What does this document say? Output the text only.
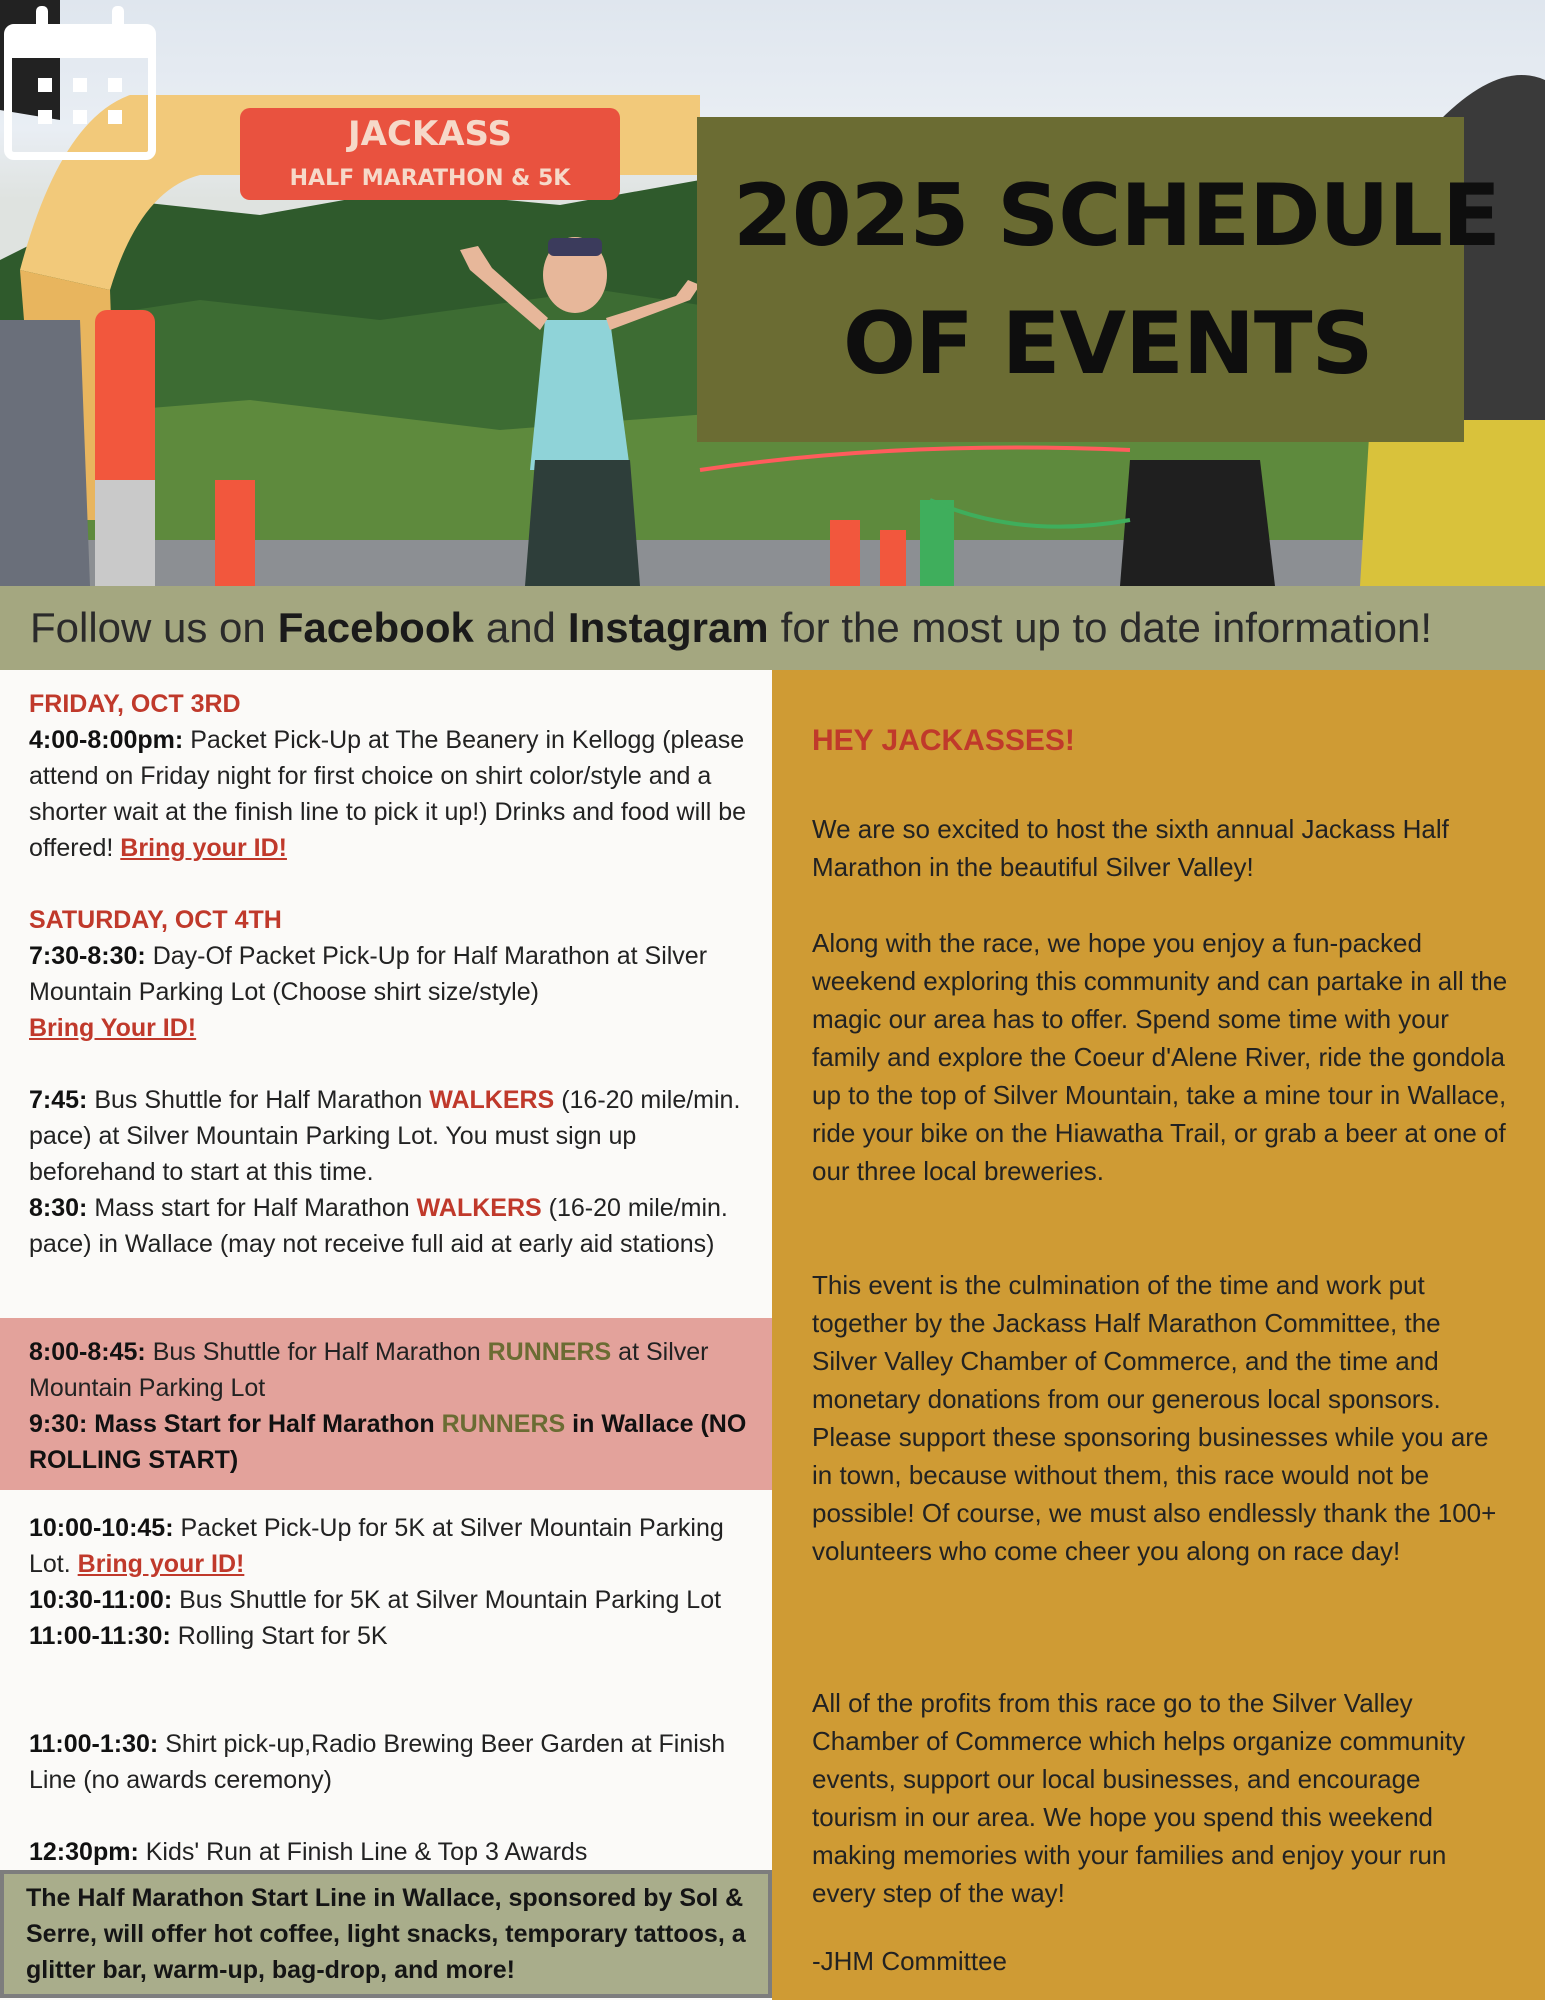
JACKASS
HALF MARATHON & 5K 2025 SCHEDULE
OF EVENTS
Follow us on Facebook and Instagram for the most up to date information!
FRIDAY, OCT 3RD
4:00-8:00pm: Packet Pick-Up at The Beanery in Kellogg (please attend on Friday night for first choice on shirt color/style and a shorter wait at the finish line to pick it up!) Drinks and food will be offered! Bring your ID!
SATURDAY, OCT 4TH
7:30-8:30: Day-Of Packet Pick-Up for Half Marathon at Silver Mountain Parking Lot (Choose shirt size/style)
Bring Your ID!
7:45: Bus Shuttle for Half Marathon WALKERS (16-20 mile/min. pace) at Silver Mountain Parking Lot. You must sign up beforehand to start at this time.
8:30: Mass start for Half Marathon WALKERS (16-20 mile/min. pace) in Wallace (may not receive full aid at early aid stations)
8:00-8:45: Bus Shuttle for Half Marathon RUNNERS at Silver Mountain Parking Lot
9:30: Mass Start for Half Marathon RUNNERS in Wallace (NO ROLLING START)
10:00-10:45: Packet Pick-Up for 5K at Silver Mountain Parking Lot. Bring your ID!
10:30-11:00: Bus Shuttle for 5K at Silver Mountain Parking Lot
11:00-11:30: Rolling Start for 5K
11:00-1:30: Shirt pick-up,Radio Brewing Beer Garden at Finish Line (no awards ceremony)
12:30pm: Kids' Run at Finish Line & Top 3 Awards
The Half Marathon Start Line in Wallace, sponsored by Sol & Serre, will offer hot coffee, light snacks, temporary tattoos, a glitter bar, warm-up, bag-drop, and more!
HEY JACKASSES!
We are so excited to host the sixth annual Jackass Half Marathon in the beautiful Silver Valley!
Along with the race, we hope you enjoy a fun-packed weekend exploring this community and can partake in all the magic our area has to offer. Spend some time with your family and explore the Coeur d'Alene River, ride the gondola up to the top of Silver Mountain, take a mine tour in Wallace, ride your bike on the Hiawatha Trail, or grab a beer at one of our three local breweries.
This event is the culmination of the time and work put together by the Jackass Half Marathon Committee, the Silver Valley Chamber of Commerce, and the time and monetary donations from our generous local sponsors. Please support these sponsoring businesses while you are in town, because without them, this race would not be possible! Of course, we must also endlessly thank the 100+ volunteers who come cheer you along on race day!
All of the profits from this race go to the Silver Valley Chamber of Commerce which helps organize community events, support our local businesses, and encourage tourism in our area. We hope you spend this weekend making memories with your families and enjoy your run every step of the way!
-JHM Committee
